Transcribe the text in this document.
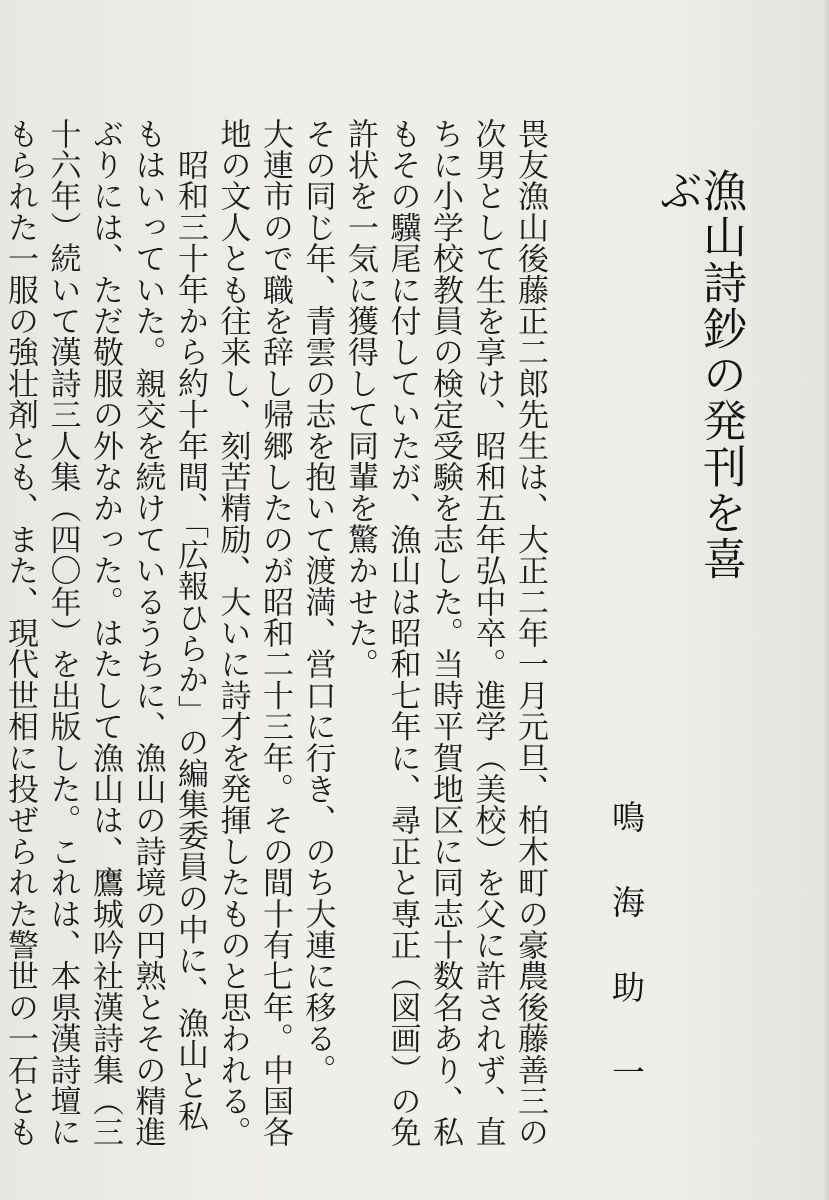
漁山詩鈔の発刊を喜ぶ
鳴海助一

畏友漁山後藤正二郎先生は、大正二年一月元旦、柏木町の豪農後藤善三の次男として生を享け、昭和五年弘中卒。進学（美校）を父に許されず、直ちに小学校教員の検定受験を志した。当時平賀地区に同志十数名あり、私もその驥尾に付していたが、漁山は昭和七年に、尋正と専正（図画）の免許状を一気に獲得して同輩を驚かせた。

その同じ年、青雲の志を抱いて渡満、営口に行き、のち大連に移る。

大連市ので職を辞し帰郷したのが昭和二十三年。その間十有七年。中国各地の文人とも往来し、刻苦精励、大いに詩才を発揮したものと思われる。

昭和三十年から約十年間、「広報ひらか」の編集委員の中に、漁山と私もはいっていた。親交を続けているうちに、漁山の詩境の円熟とその精進ぶりには、ただ敬服の外なかった。はたして漁山は、鷹城吟社漢詩集（三十六年）続いて漢詩三人集（四〇年）を出版した。これは、本県漢詩壇にもられた一服の強壮剤とも、また、現代世相に投ぜられた警世の一石とも
